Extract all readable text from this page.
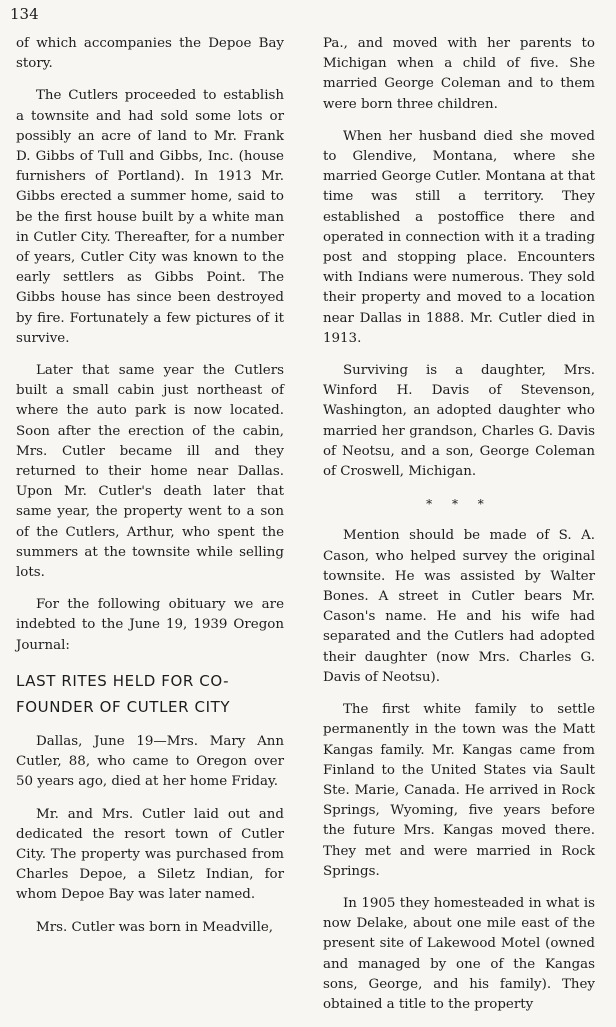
134

of which accompanies the Depoe Bay story.

The Cutlers proceeded to establish a townsite and had sold some lots or possibly an acre of land to Mr. Frank D. Gibbs of Tull and Gibbs, Inc. (house furnishers of Portland). In 1913 Mr. Gibbs erected a summer home, said to be the first house built by a white man in Cutler City. Thereafter, for a number of years, Cutler City was known to the early settlers as Gibbs Point. The Gibbs house has since been destroyed by fire. Fortunately a few pictures of it survive.

Later that same year the Cutlers built a small cabin just northeast of where the auto park is now located. Soon after the erection of the cabin, Mrs. Cutler became ill and they returned to their home near Dallas. Upon Mr. Cutler's death later that same year, the property went to a son of the Cutlers, Arthur, who spent the summers at the townsite while selling lots.

For the following obituary we are indebted to the June 19, 1939 Oregon Journal:

LAST RITES HELD FOR CO-FOUNDER OF CUTLER CITY

Dallas, June 19—Mrs. Mary Ann Cutler, 88, who came to Oregon over 50 years ago, died at her home Friday.

Mr. and Mrs. Cutler laid out and dedicated the resort town of Cutler City. The property was purchased from Charles Depoe, a Siletz Indian, for whom Depoe Bay was later named.

Mrs. Cutler was born in Meadville,

Pa., and moved with her parents to Michigan when a child of five. She married George Coleman and to them were born three children.

When her husband died she moved to Glendive, Montana, where she married George Cutler. Montana at that time was still a territory. They established a postoffice there and operated in connection with it a trading post and stopping place. Encounters with Indians were numerous. They sold their property and moved to a location near Dallas in 1888. Mr. Cutler died in 1913.

Surviving is a daughter, Mrs. Winford H. Davis of Stevenson, Washington, an adopted daughter who married her grandson, Charles G. Davis of Neotsu, and a son, George Coleman of Croswell, Michigan.

* * *

Mention should be made of S. A. Cason, who helped survey the original townsite. He was assisted by Walter Bones. A street in Cutler bears Mr. Cason's name. He and his wife had separated and the Cutlers had adopted their daughter (now Mrs. Charles G. Davis of Neotsu).

The first white family to settle permanently in the town was the Matt Kangas family. Mr. Kangas came from Finland to the United States via Sault Ste. Marie, Canada. He arrived in Rock Springs, Wyoming, five years before the future Mrs. Kangas moved there. They met and were married in Rock Springs.

In 1905 they homesteaded in what is now Delake, about one mile east of the present site of Lakewood Motel (owned and managed by one of the Kangas sons, George, and his family). They obtained a title to the property
